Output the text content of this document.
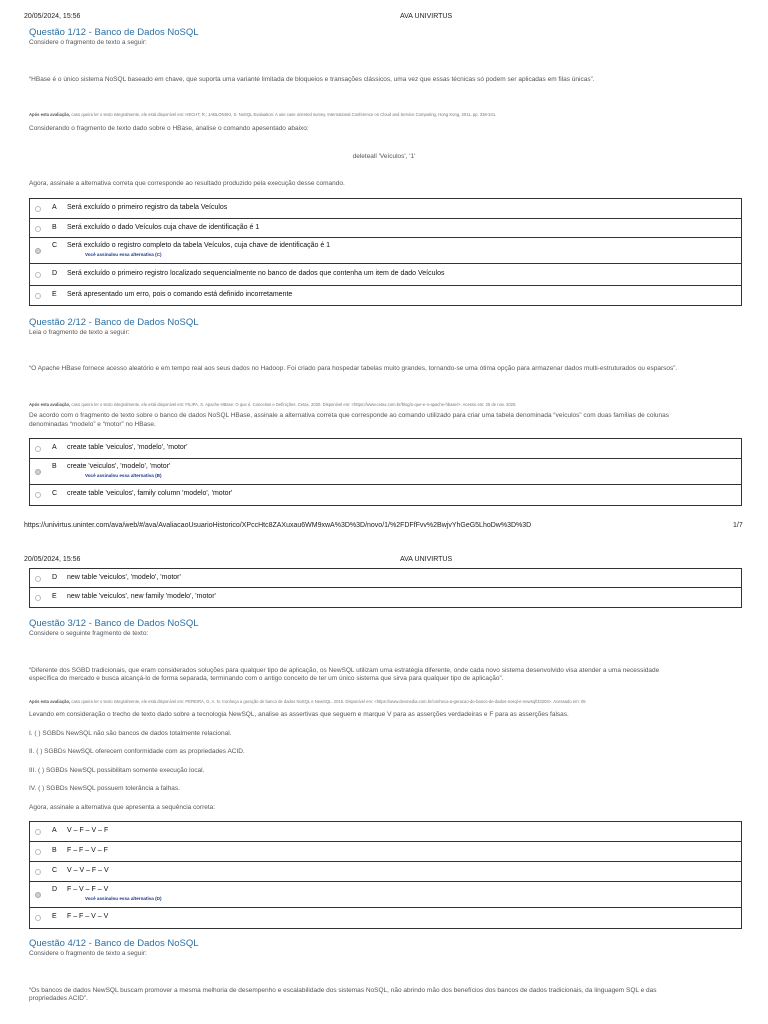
20/05/2024, 15:56	AVA UNIVIRTUS
Questão 1/12 - Banco de Dados NoSQL
Considere o fragmento de texto a seguir:
“HBase é o único sistema NoSQL baseado em chave, que suporta uma variante limitada de bloqueios e transações clássicos, uma vez que essas técnicas só podem ser aplicadas em filas únicas”.
Após esta avaliação, caso queira ler o texto integralmente, ele está disponível em: HECHT, R.; JABLONSKI, S. NoSQL Evaluation: A use case oriented survey. International Conference on Cloud and Service Computing, Hong Kong, 2011, pp. 336-341.
Considerando o fragmento de texto dado sobre o HBase, analise o comando apesentado abaixo:
deleteall 'Veículos', '1'
Agora, assinale a alternativa correta que corresponde ao resultado produzido pela execução desse comando.
A Será excluído o primeiro registro da tabela Veículos
B Será excluído o dado Veículos cuja chave de identificação é 1
C Será excluído o registro completo da tabela Veículos, cuja chave de identificação é 1
Você assinalou essa alternativa (C)
D Será excluído o primeiro registro localizado sequencialmente no banco de dados que contenha um item de dado Veículos
E Será apresentado um erro, pois o comando está definido incorretamente
Questão 2/12 - Banco de Dados NoSQL
Leia o fragmento de texto a seguir:
“O Apache HBase fornece acesso aleatório e em tempo real aos seus dados no Hadoop. Foi criado para hospedar tabelas muito grandes, tornando-se uma ótima opção para armazenar dados multi-estruturados ou esparsos”.
Após esta avaliação, caso queira ler o texto integralmente, ele está disponível em: FILIPA, S. Apache HBase: O que é, Conceitos e Definições. Cetax, 2020. Disponível em: <https://www.cetax.com.br/blog/o-que-e-o-apache-hbase/>. Acesso em: 25 de nov. 2020.
De acordo com o fragmento de texto sobre o banco de dados NoSQL HBase, assinale a alternativa correta que corresponde ao comando utilizado para criar uma tabela denominada “veículos” com duas famílias de colunas
denominadas “modelo” e “motor” no HBase.
A create table 'veiculos', 'modelo', 'motor'
B create 'veiculos', 'modelo', 'motor'
Você assinalou essa alternativa (B)
C create table 'veiculos', family column 'modelo', 'motor'
https://univirtus.uninter.com/ava/web/#/ava/AvaliacaoUsuarioHistorico/XPccHtc8ZAXuxau6WM9xwA%3D%3D/novo/1/%2FDFfFvv%2BwjvYhGeG5LhoDw%3D%3D	1/7
20/05/2024, 15:56	AVA UNIVIRTUS
D new table 'veiculos', 'modelo', 'motor'
E new table 'veiculos', new family 'modelo', 'motor'
Questão 3/12 - Banco de Dados NoSQL
Considere o seguinte fragmento de texto:
“Diferente dos SGBD tradicionais, que eram considerados soluções para qualquer tipo de aplicação, os NewSQL utilizam uma estratégia diferente, onde cada novo sistema desenvolvido visa atender a uma necessidade
específica do mercado e busca alcançá-lo de forma separada, terminando com o antigo conceito de ter um único sistema que sirva para qualquer tipo de aplicação”.
Após esta avaliação, caso queira ler o texto integralmente, ele está disponível em: PEREIRA, G. A. N. Conheça a geração de banco de dados NoSQL e NewSQL. 2015. Disponível em: <https://www.devmedia.com.br/conheca-a-geracao-de-banco-de-dados-nosql-e-newsql/33203>. Acessado em: 05
Levando em consideração o trecho de texto dado sobre a tecnologia NewSQL, analise as assertivas que seguem e marque V para as asserções verdadeiras e F para as asserções falsas.
I. ( ) SGBDs NewSQL não são bancos de dados totalmente relacional.
II. ( ) SGBDs NewSQL oferecem conformidade com as propriedades ACID.
III. ( ) SGBDs NewSQL possibilitam somente execução local.
IV. ( ) SGBDs NewSQL possuem tolerância a falhas.
Agora, assinale a alternativa que apresenta a sequência correta:
A V – F – V – F
B F – F – V – F
C V – V – F – V
D F – V – F – V
Você assinalou essa alternativa (D)
E F – F – V – V
Questão 4/12 - Banco de Dados NoSQL
Considere o fragmento de texto a seguir:
“Os bancos de dados NewSQL buscam promover a mesma melhoria de desempenho e escalabilidade dos sistemas NoSQL, não abrindo mão dos benefícios dos bancos de dados tradicionais, da linguagem SQL e das
propriedades ACID”.
